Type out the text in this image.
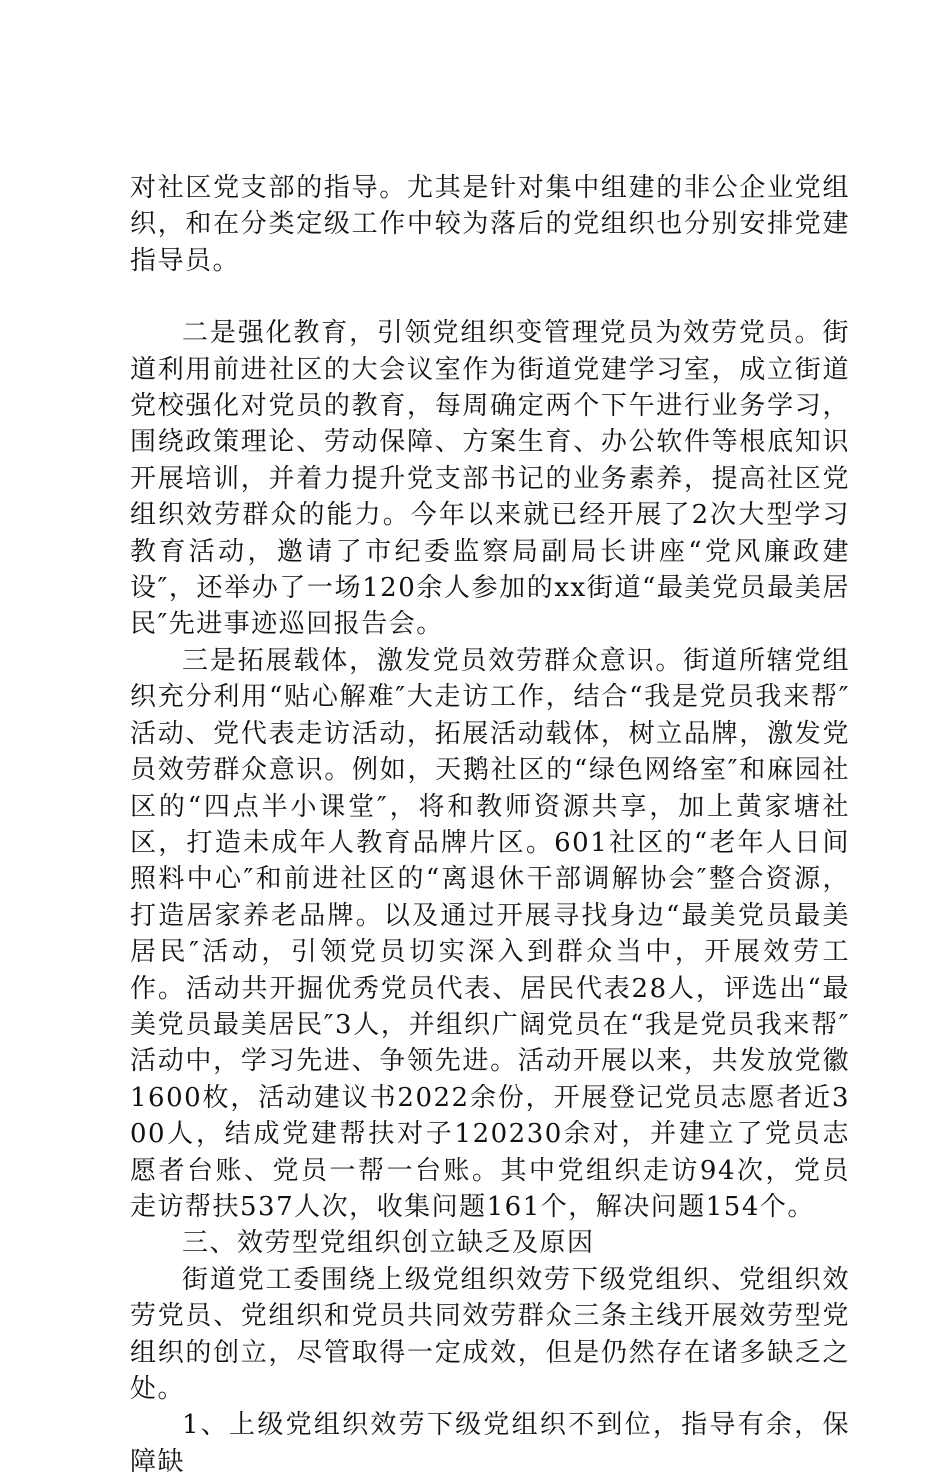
对社区党支部的指导。尤其是针对集中组建的非公企业党组织，和在分类定级工作中较为落后的党组织也分别安排党建指导员。

二是强化教育，引领党组织变管理党员为效劳党员。街道利用前进社区的大会议室作为街道党建学习室，成立街道党校强化对党员的教育，每周确定两个下午进行业务学习，围绕政策理论、劳动保障、方案生育、办公软件等根底知识开展培训，并着力提升党支部书记的业务素养，提高社区党组织效劳群众的能力。今年以来就已经开展了2次大型学习教育活动，邀请了市纪委监察局副局长讲座“党风廉政建设″，还举办了一场120余人参加的xx街道“最美党员最美居民″先进事迹巡回报告会。

三是拓展载体，激发党员效劳群众意识。街道所辖党组织充分利用“贴心解难″大走访工作，结合“我是党员我来帮″活动、党代表走访活动，拓展活动载体，树立品牌，激发党员效劳群众意识。例如，天鹅社区的“绿色网络室″和麻园社区的“四点半小课堂″，将和教师资源共享，加上黄家塘社区，打造未成年人教育品牌片区。601社区的“老年人日间照料中心″和前进社区的“离退休干部调解协会″整合资源，打造居家养老品牌。以及通过开展寻找身边“最美党员最美居民″活动，引领党员切实深入到群众当中，开展效劳工作。活动共开掘优秀党员代表、居民代表28人，评选出“最美党员最美居民″3人，并组织广阔党员在“我是党员我来帮″活动中，学习先进、争领先进。活动开展以来，共发放党徽1600枚，活动建议书2022余份，开展登记党员志愿者近300人，结成党建帮扶对子120230余对，并建立了党员志愿者台账、党员一帮一台账。其中党组织走访94次，党员走访帮扶537人次，收集问题161个，解决问题154个。

三、效劳型党组织创立缺乏及原因

街道党工委围绕上级党组织效劳下级党组织、党组织效劳党员、党组织和党员共同效劳群众三条主线开展效劳型党组织的创立，尽管取得一定成效，但是仍然存在诸多缺乏之处。

1、上级党组织效劳下级党组织不到位，指导有余，保障缺
